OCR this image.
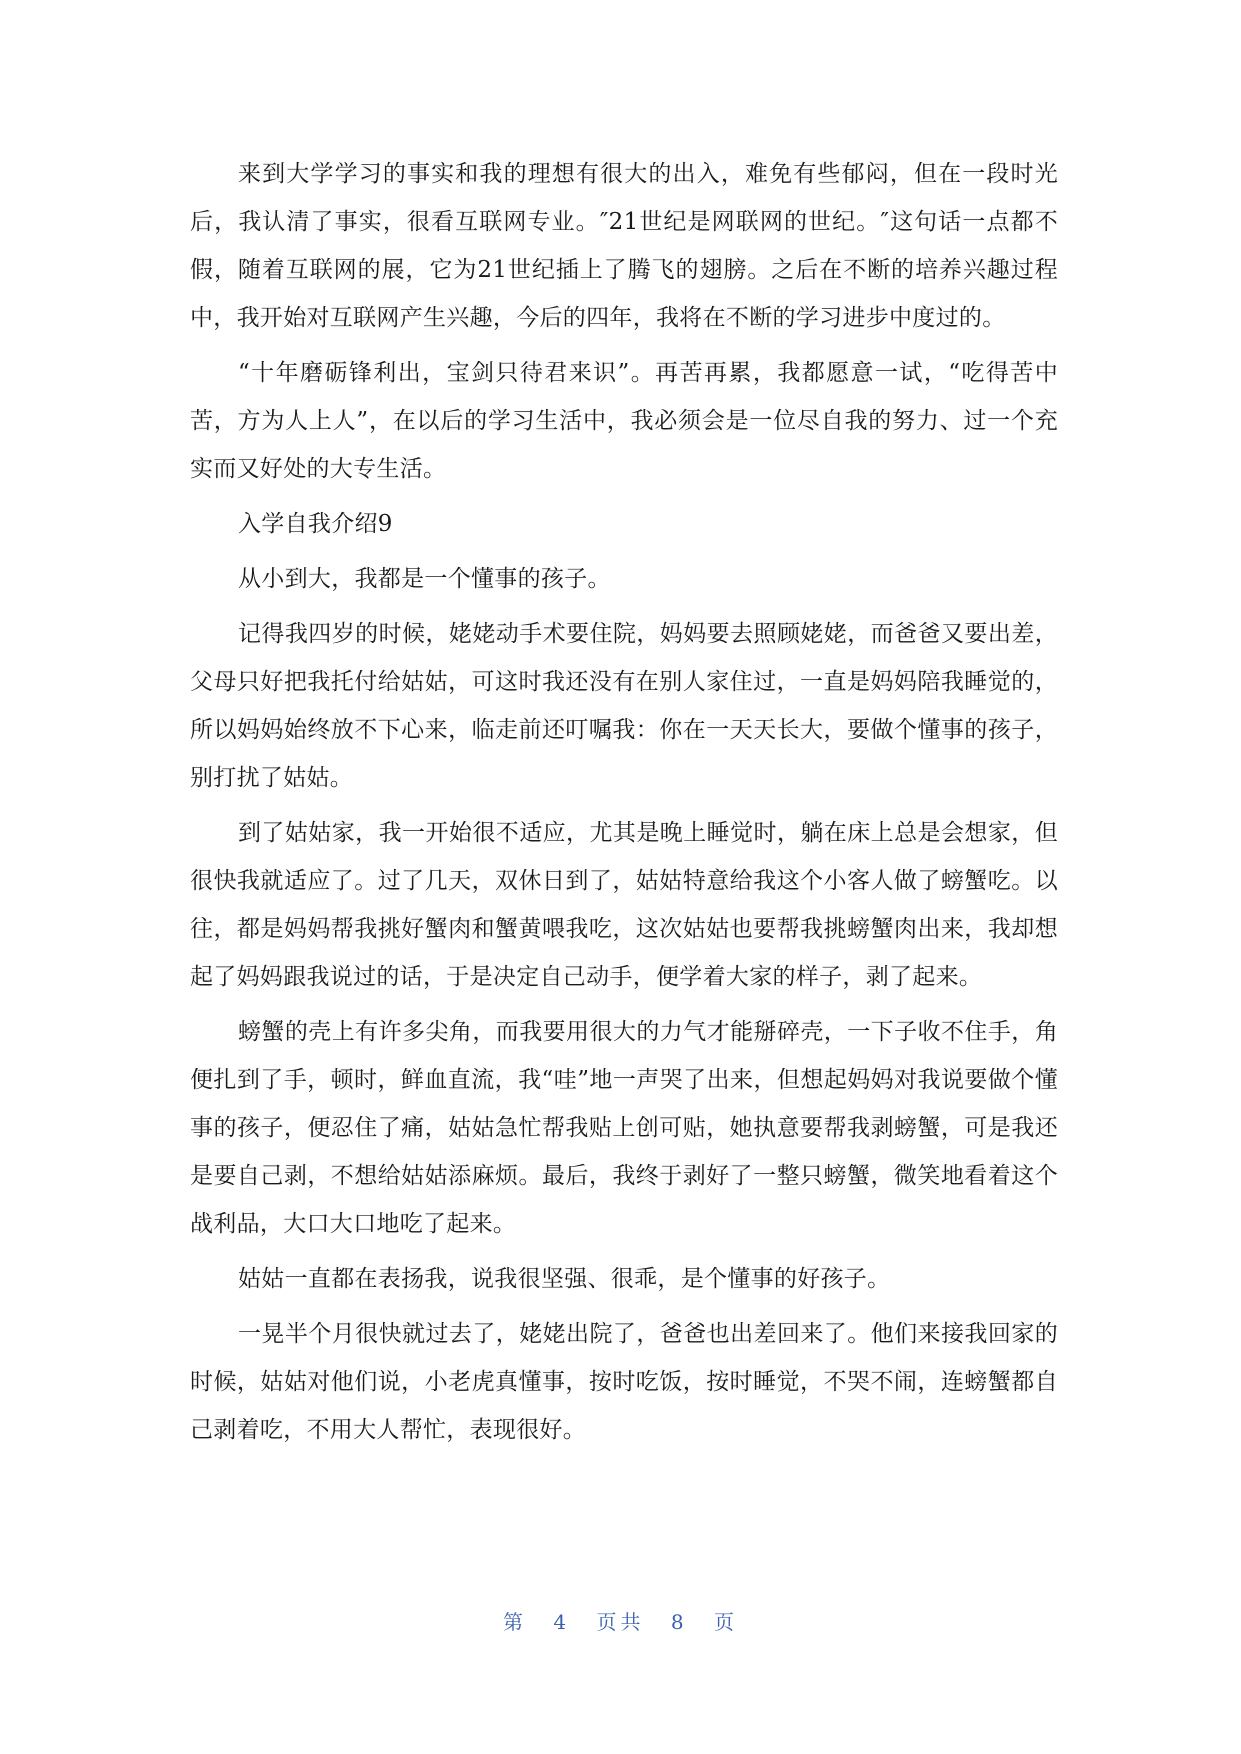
来到大学学习的事实和我的理想有很大的出入，难免有些郁闷，但在一段时光后，我认清了事实，很看互联网专业。″21世纪是网联网的世纪。″这句话一点都不假，随着互联网的展，它为21世纪插上了腾飞的翅膀。之后在不断的培养兴趣过程中，我开始对互联网产生兴趣，今后的四年，我将在不断的学习进步中度过的。

“十年磨砺锋利出，宝剑只待君来识”。再苦再累，我都愿意一试，“吃得苦中苦，方为人上人”，在以后的学习生活中，我必须会是一位尽自我的努力、过一个充实而又好处的大专生活。

入学自我介绍9

从小到大，我都是一个懂事的孩子。

记得我四岁的时候，姥姥动手术要住院，妈妈要去照顾姥姥，而爸爸又要出差，父母只好把我托付给姑姑，可这时我还没有在别人家住过，一直是妈妈陪我睡觉的，所以妈妈始终放不下心来，临走前还叮嘱我：你在一天天长大，要做个懂事的孩子，别打扰了姑姑。

到了姑姑家，我一开始很不适应，尤其是晚上睡觉时，躺在床上总是会想家，但很快我就适应了。过了几天，双休日到了，姑姑特意给我这个小客人做了螃蟹吃。以往，都是妈妈帮我挑好蟹肉和蟹黄喂我吃，这次姑姑也要帮我挑螃蟹肉出来，我却想起了妈妈跟我说过的话，于是决定自己动手，便学着大家的样子，剥了起来。

螃蟹的壳上有许多尖角，而我要用很大的力气才能掰碎壳，一下子收不住手，角便扎到了手，顿时，鲜血直流，我“哇”地一声哭了出来，但想起妈妈对我说要做个懂事的孩子，便忍住了痛，姑姑急忙帮我贴上创可贴，她执意要帮我剥螃蟹，可是我还是要自己剥，不想给姑姑添麻烦。最后，我终于剥好了一整只螃蟹，微笑地看着这个战利品，大口大口地吃了起来。

姑姑一直都在表扬我，说我很坚强、很乖，是个懂事的好孩子。

一晃半个月很快就过去了，姥姥出院了，爸爸也出差回来了。他们来接我回家的时候，姑姑对他们说，小老虎真懂事，按时吃饭，按时睡觉，不哭不闹，连螃蟹都自己剥着吃，不用大人帮忙，表现很好。

第 4 页共 8 页
